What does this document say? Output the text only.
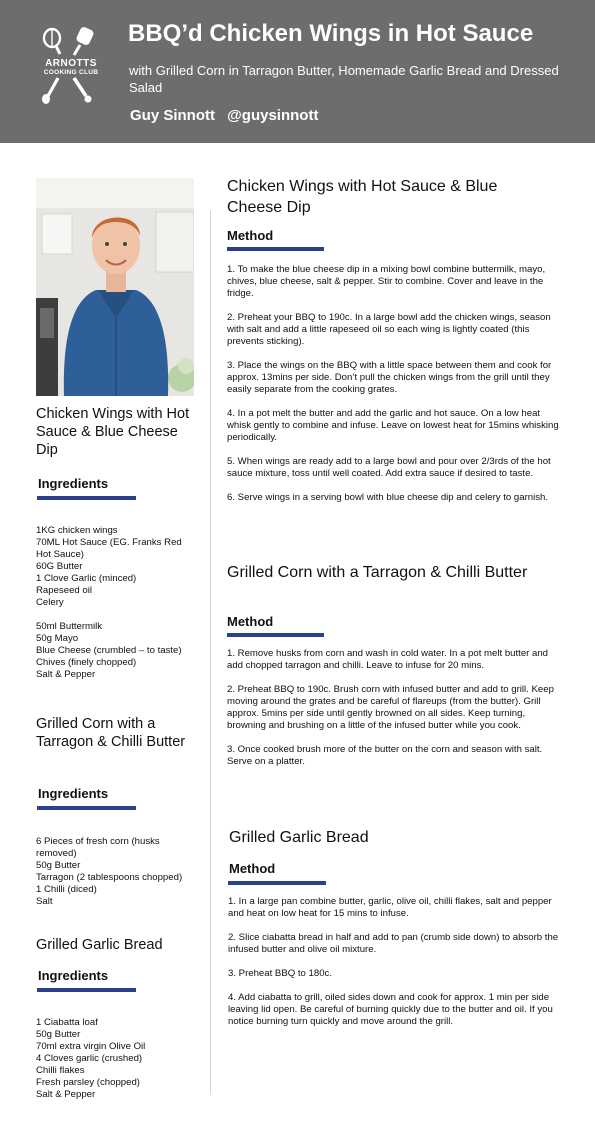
ARNOTTS
COOKING CLUB
BBQ’d Chicken Wings in Hot Sauce
with Grilled Corn in Tarragon Butter, Homemade Garlic Bread and Dressed Salad
Guy Sinnott @guysinnott
Chicken Wings with Hot Sauce & Blue Cheese Dip
Ingredients
1KG chicken wings
70ML Hot Sauce (EG. Franks Red Hot Sauce)
60G Butter
1 Clove Garlic (minced)
Rapeseed oil
Celery
50ml Buttermilk
50g Mayo
Blue Cheese (crumbled – to taste)
Chives (finely chopped)
Salt & Pepper
Grilled Corn with a Tarragon & Chilli Butter
Ingredients
6 Pieces of fresh corn (husks removed)
50g Butter
Tarragon (2 tablespoons chopped)
1 Chilli (diced)
Salt
Grilled Garlic Bread
Ingredients
1 Ciabatta loaf
50g Butter
70ml extra virgin Olive Oil
4 Cloves garlic (crushed)
Chilli flakes
Fresh parsley (chopped)
Salt & Pepper
Chicken Wings with Hot Sauce & Blue Cheese Dip
Method
1. To make the blue cheese dip in a mixing bowl combine buttermilk, mayo, chives, blue cheese, salt & pepper. Stir to combine. Cover and leave in the fridge.
2. Preheat your BBQ to 190c. In a large bowl add the chicken wings, season with salt and add a little rapeseed oil so each wing is lightly coated (this prevents sticking).
3. Place the wings on the BBQ with a little space between them and cook for approx. 13mins per side. Don’t pull the chicken wings from the grill until they easily separate from the cooking grates.
4. In a pot melt the butter and add the garlic and hot sauce. On a low heat whisk gently to combine and infuse. Leave on lowest heat for 15mins whisking periodically.
5. When wings are ready add to a large bowl and pour over 2/3rds of the hot sauce mixture, toss until well coated. Add extra sauce if desired to taste.
6. Serve wings in a serving bowl with blue cheese dip and celery to garnish.
Grilled Corn with a Tarragon & Chilli Butter
Method
1. Remove husks from corn and wash in cold water. In a pot melt butter and add chopped tarragon and chilli. Leave to infuse for 20 mins.
2. Preheat BBQ to 190c. Brush corn with infused butter and add to grill. Keep moving around the grates and be careful of flareups (from the butter). Grill approx. 5mins per side until gently browned on all sides. Keep turning, browning and brushing on a little of the infused butter while you cook.
3. Once cooked brush more of the butter on the corn and season with salt. Serve on a platter.
Grilled Garlic Bread
Method
1. In a large pan combine butter, garlic, olive oil, chilli flakes, salt and pepper and heat on low heat for 15 mins to infuse.
2. Slice ciabatta bread in half and add to pan (crumb side down) to absorb the infused butter and olive oil mixture.
3. Preheat BBQ to 180c.
4. Add ciabatta to grill, oiled sides down and cook for approx. 1 min per side leaving lid open. Be careful of burning quickly due to the butter and oil. If you notice burning turn quickly and move around the grill.
